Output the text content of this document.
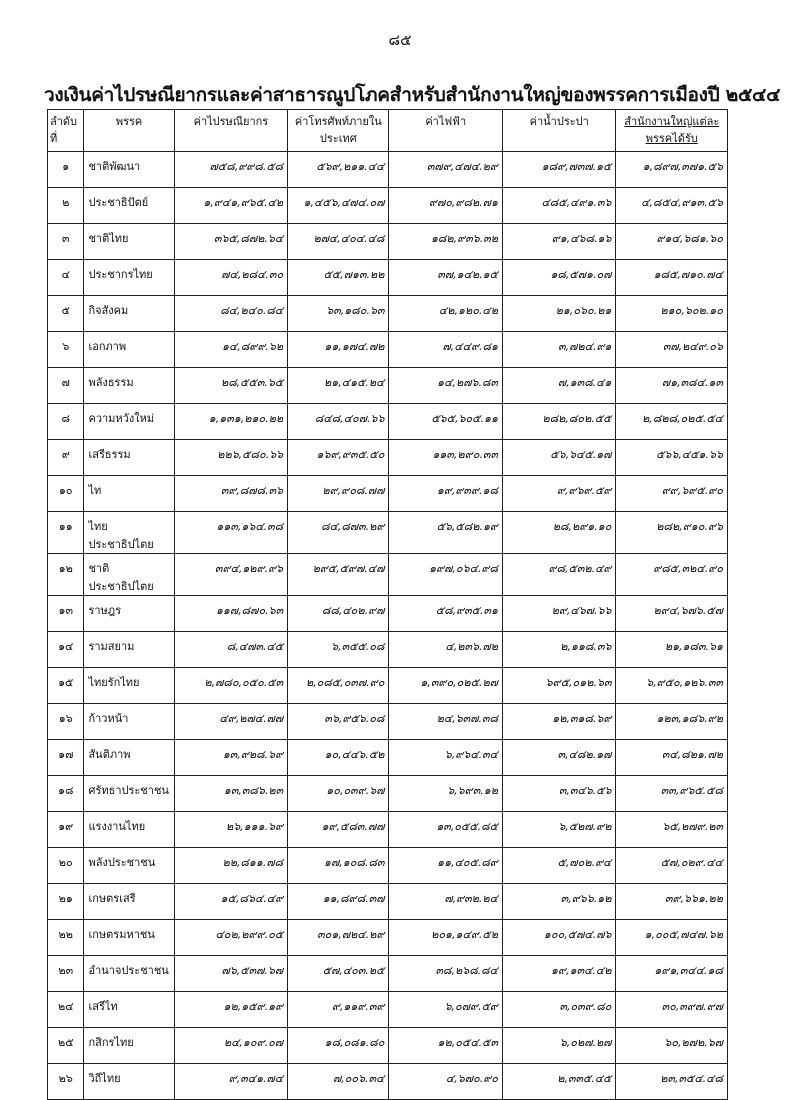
๘๕
วงเงินค่าไปรษณียากรและค่าสาธารณูปโภคสำหรับสำนักงานใหญ่ของพรรคการเมืองปี ๒๕๔๔
ลำดับที่	พรรค	ค่าไปรษณียากร	ค่าโทรศัพท์ภายในประเทศ	ค่าไฟฟ้า	ค่าน้ำประปา	สำนักงานใหญ่แต่ละพรรคได้รับ
๑	ชาติพัฒนา	๗๕๘,๙๙๘.๕๘	๕๖๙,๒๑๑.๔๔	๓๗๙,๔๗๔.๒๙	๑๘๙,๗๓๗.๑๕	๑,๘๙๗,๓๗๑.๕๖
๒	ประชาธิปัตย์	๑,๙๔๑,๙๖๕.๔๒	๑,๔๕๖,๔๗๔.๐๗	๙๗๐,๙๘๒.๗๑	๔๘๕,๔๙๑.๓๖	๔,๘๕๔,๙๑๓.๕๖
๓	ชาติไทย	๓๖๕,๘๗๒.๖๔	๒๗๔,๔๐๔.๔๘	๑๘๒,๙๓๖.๓๒	๙๑,๔๖๘.๑๖	๙๑๔,๖๘๑.๖๐
๔	ประชากรไทย	๗๔,๒๘๔.๓๐	๕๕,๗๑๓.๒๒	๓๗,๑๔๒.๑๕	๑๘,๕๗๑.๐๗	๑๘๕,๗๑๐.๗๔
๕	กิจสังคม	๘๔,๒๔๐.๘๔	๖๓,๑๘๐.๖๓	๔๒,๑๒๐.๔๒	๒๑,๐๖๐.๒๑	๒๑๐,๖๐๒.๑๐
๖	เอกภาพ	๑๔,๘๙๙.๖๒	๑๑,๑๗๔.๗๒	๗,๔๔๙.๘๑	๓,๗๒๔.๙๑	๓๗,๒๔๙.๐๖
๗	พลังธรรม	๒๘,๕๕๓.๖๕	๒๑,๔๑๕.๒๔	๑๔,๒๗๖.๘๓	๗,๑๓๘.๔๑	๗๑,๓๘๔.๑๓
๘	ความหวังใหม่	๑,๑๓๑,๒๑๐.๒๒	๘๔๘,๔๐๗.๖๖	๕๖๕,๖๐๕.๑๑	๒๘๒,๘๐๒.๕๕	๒,๘๒๘,๐๒๕.๕๔
๙	เสรีธรรม	๒๒๖,๕๘๐.๖๖	๑๖๙,๙๓๕.๕๐	๑๑๓,๒๙๐.๓๓	๕๖,๖๔๕.๑๗	๕๖๖,๔๕๑.๖๖
๑๐	ไท	๓๙,๘๗๘.๓๖	๒๙,๙๐๘.๗๗	๑๙,๙๓๙.๑๘	๙,๙๖๙.๕๙	๙๙,๖๙๕.๙๐
๑๑	ไทยประชาธิปไตย	๑๑๓,๑๖๔.๓๘	๘๔,๘๗๓.๒๙	๕๖,๕๘๒.๑๙	๒๘,๒๙๑.๑๐	๒๘๒,๙๑๐.๙๖
๑๒	ชาติประชาธิปไตย	๓๙๔,๑๒๙.๙๖	๒๙๕,๕๙๗.๔๗	๑๙๗,๐๖๔.๙๘	๙๘,๕๓๒.๔๙	๙๘๕,๓๒๔.๙๐
๑๓	ราษฎร	๑๑๗,๘๗๐.๖๓	๘๘,๔๐๒.๙๗	๕๘,๙๓๕.๓๑	๒๙,๔๖๗.๖๖	๒๙๔,๖๗๖.๕๗
๑๔	รามสยาม	๘,๔๗๓.๔๕	๖,๓๕๕.๐๘	๔,๒๓๖.๗๒	๒,๑๑๘.๓๖	๒๑,๑๘๓.๖๑
๑๕	ไทยรักไทย	๒,๗๘๐,๐๕๐.๕๓	๒,๐๘๕,๐๓๗.๙๐	๑,๓๙๐,๐๒๕.๒๗	๖๙๕,๐๑๒.๖๓	๖,๙๕๐,๑๒๖.๓๓
๑๖	ก้าวหน้า	๔๙,๒๗๔.๗๗	๓๖,๙๕๖.๐๘	๒๔,๖๓๗.๓๘	๑๒,๓๑๘.๖๙	๑๒๓,๑๘๖.๙๒
๑๗	สันติภาพ	๑๓,๙๒๘.๖๙	๑๐,๔๔๖.๕๒	๖,๙๖๔.๓๔	๓,๔๘๒.๑๗	๓๔,๘๒๑.๗๒
๑๘	ศรัทธาประชาชน	๑๓,๓๘๖.๒๓	๑๐,๐๓๙.๖๗	๖,๖๙๓.๑๒	๓,๓๔๖.๕๖	๓๓,๙๖๕.๕๘
๑๙	แรงงานไทย	๒๖,๑๑๑.๖๙	๑๙,๕๘๓.๗๗	๑๓,๐๕๕.๘๕	๖,๕๒๗.๙๒	๖๕,๒๗๙.๒๓
๒๐	พลังประชาชน	๒๒,๘๑๑.๗๘	๑๗,๑๐๘.๘๓	๑๑,๔๐๕.๘๙	๕,๗๐๒.๙๔	๕๗,๐๒๙.๔๔
๒๑	เกษตรเสรี	๑๕,๘๖๔.๔๙	๑๑,๘๙๘.๓๗	๗,๙๓๒.๒๔	๓,๙๖๖.๑๒	๓๙,๖๖๑.๒๒
๒๒	เกษตรมหาชน	๔๐๒,๒๙๙.๐๕	๓๐๑,๗๒๔.๒๙	๒๐๑,๑๔๙.๕๒	๑๐๐,๕๗๔.๗๖	๑,๐๐๕,๗๔๗.๖๒
๒๓	อำนาจประชาชน	๗๖,๕๓๗.๖๗	๕๗,๔๐๓.๒๕	๓๘,๒๖๘.๘๔	๑๙,๑๓๔.๔๒	๑๙๑,๓๔๔.๑๘
๒๔	เสรีไท	๑๒,๑๕๙.๑๙	๙,๑๑๙.๓๙	๖,๐๗๙.๕๙	๓,๐๓๙.๘๐	๓๐,๓๙๗.๙๗
๒๕	กสิกรไทย	๒๔,๑๐๙.๐๗	๑๘,๐๘๑.๘๐	๑๒,๐๕๔.๕๓	๖,๐๒๗.๒๗	๖๐,๒๗๒.๖๗
๒๖	วิถีไทย	๙,๓๔๑.๗๔	๗,๐๐๖.๓๔	๔,๖๗๐.๙๐	๒,๓๓๕.๔๕	๒๓,๓๕๔.๔๘
